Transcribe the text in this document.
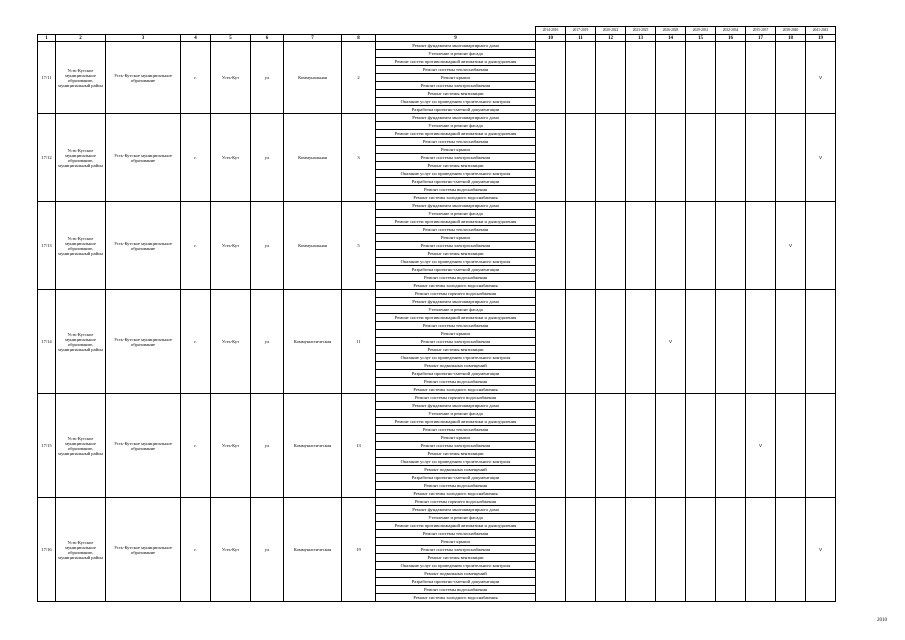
									2014-2016	2017-2019	2020-2022	2023-2025	2026-2028	2029-2031	2032-2034	2035-2037	2038-2040	2041-2043
1	2	3	4	5	6	7	8	9	10	11	12	13	14	15	16	17	18	19
17/11	Усть-Кутское муниципальное образование, муниципальный район	Усть-Кутское муниципальное образование	г.	Усть-Кут	ул	Коммунальная	2	Ремонт фундамента многоквартирного дома										V
								Утепление и ремонт фасада										
								Ремонт систем противопожарной автоматики и дымоудаления										
								Ремонт системы теплоснабжения										
								Ремонт крыши										
								Ремонт системы электроснабжения										
								Ремонт системы вентиляции										
								Оказание услуг по проведению строительного контроля										
								Разработка проектно-сметной документации										
17/12	Усть-Кутское муниципальное образование, муниципальный район	Усть-Кутское муниципальное образование	г.	Усть-Кут	ул	Коммунальная	3	Ремонт фундамента многоквартирного дома										V
								Утепление и ремонт фасада										
								Ремонт систем противопожарной автоматики и дымоудаления										
								Ремонт системы теплоснабжения										
								Ремонт крыши										
								Ремонт системы электроснабжения										
								Ремонт системы вентиляции										
								Оказание услуг по проведению строительного контроля										
								Разработка проектно-сметной документации										
								Ремонт системы водоснабжения										
								Ремонт системы холодного водоснабжения										
17/13	Усть-Кутское муниципальное образование, муниципальный район	Усть-Кутское муниципальное образование	г.	Усть-Кут	ул	Коммунальная	5	Ремонт фундамента многоквартирного дома									V	
								Утепление и ремонт фасада										
								Ремонт систем противопожарной автоматики и дымоудаления										
								Ремонт системы теплоснабжения										
								Ремонт крыши										
								Ремонт системы электроснабжения										
								Ремонт системы вентиляции										
								Оказание услуг по проведению строительного контроля										
								Разработка проектно-сметной документации										
								Ремонт системы водоснабжения										
								Ремонт системы холодного водоснабжения										
17/14	Усть-Кутское муниципальное образование, муниципальный район	Усть-Кутское муниципальное образование	г.	Усть-Кут	ул	Коммунистическая	11	Ремонт системы горячего водоснабжения					V					
								Ремонт фундамента многоквартирного дома										
								Утепление и ремонт фасада										
								Ремонт систем противопожарной автоматики и дымоудаления										
								Ремонт системы теплоснабжения										
								Ремонт крыши										
								Ремонт системы электроснабжения										
								Ремонт системы вентиляции										
								Оказание услуг по проведению строительного контроля										
								Ремонт подвальных помещений										
								Разработка проектно-сметной документации										
								Ремонт системы водоснабжения										
								Ремонт системы холодного водоснабжения										
17/15	Усть-Кутское муниципальное образование, муниципальный район	Усть-Кутское муниципальное образование	г.	Усть-Кут	ул	Коммунистическая	13	Ремонт системы горячего водоснабжения								V		
								Ремонт фундамента многоквартирного дома										
								Утепление и ремонт фасада										
								Ремонт систем противопожарной автоматики и дымоудаления										
								Ремонт системы теплоснабжения										
								Ремонт крыши										
								Ремонт системы электроснабжения										
								Ремонт системы вентиляции										
								Оказание услуг по проведению строительного контроля										
								Ремонт подвальных помещений										
								Разработка проектно-сметной документации										
								Ремонт системы водоснабжения										
								Ремонт системы холодного водоснабжения										
17/16	Усть-Кутское муниципальное образование, муниципальный район	Усть-Кутское муниципальное образование	г.	Усть-Кут	ул	Коммунистическая	19	Ремонт системы горячего водоснабжения										V
								Ремонт фундамента многоквартирного дома										
								Утепление и ремонт фасада										
								Ремонт систем противопожарной автоматики и дымоудаления										
								Ремонт системы теплоснабжения										
								Ремонт крыши										
								Ремонт системы электроснабжения										
								Ремонт системы вентиляции										
								Оказание услуг по проведению строительного контроля										
								Ремонт подвальных помещений										
								Разработка проектно-сметной документации										
								Ремонт системы водоснабжения										
								Ремонт системы холодного водоснабжения										
2010
